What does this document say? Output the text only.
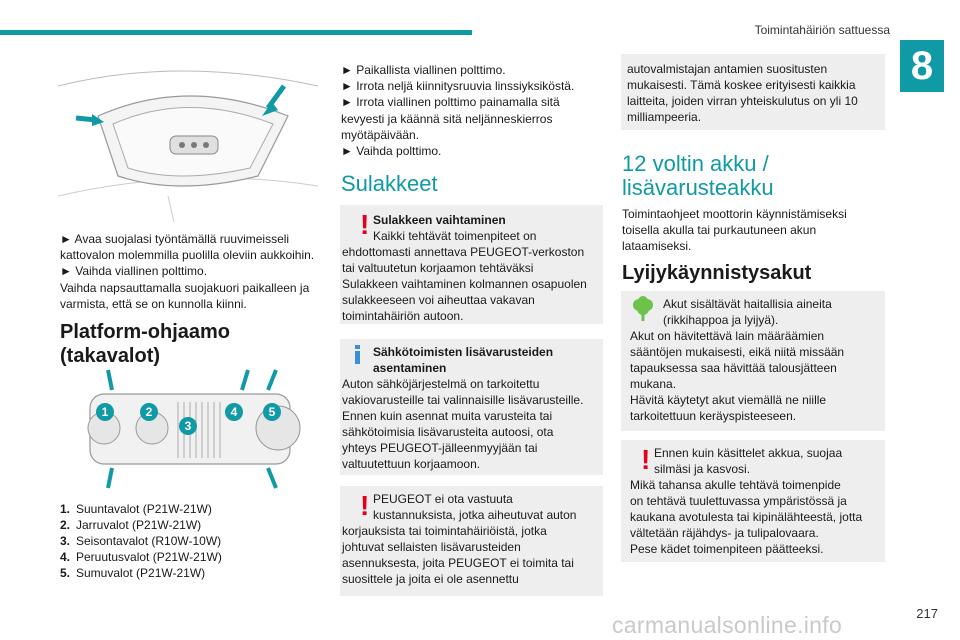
Toimintahäiriön sattuessa
8

► Avaa suojalasi työntämällä ruuvimeisseli

kattovalon molemmilla puolilla oleviin aukkoihin.

► Vaihda viallinen polttimo.

Vaihda napsauttamalla suojakuori paikalleen ja

varmista, että se on kunnolla kiinni.

Platform-ohjaamo

(takavalot)

1	2
3
4	5
1. Suuntavalot (P21W-21W)
2. Jarruvalot (P21W-21W)
3. Seisontavalot (R10W-10W)
4. Peruutusvalot (P21W-21W)
5. Sumuvalot (P21W-21W)

► Paikallista viallinen polttimo.

► Irrota neljä kiinnitysruuvia linssiyksiköstä.

► Irrota viallinen polttimo painamalla sitä

kevyesti ja käännä sitä neljänneskierros

myötäpäivään.

► Vaihda polttimo.

Sulakkeet

! Sulakkeen vaihtaminen
Kaikki tehtävät toimenpiteet on
ehdottomasti annettava PEUGEOT-verkoston
tai valtuutetun korjaamon tehtäväksi
Sulakkeen vaihtaminen kolmannen osapuolen
sulakkeeseen voi aiheuttaa vakavan
toimintahäiriön autoon.
Sähkötoimisten lisävarusteiden
asentaminen
Auton sähköjärjestelmä on tarkoitettu
vakiovarusteille tai valinnaisille lisävarusteille.
Ennen kuin asennat muita varusteita tai
sähkötoimisia lisävarusteita autoosi, ota
yhteys PEUGEOT-jälleenmyyjään tai
valtuutettuun korjaamoon.
! PEUGEOT ei ota vastuuta
kustannuksista, jotka aiheutuvat auton
korjauksista tai toimintahäiriöistä, jotka
johtuvat sellaisten lisävarusteiden
asennuksesta, joita PEUGEOT ei toimita tai
suosittele ja joita ei ole asennettu
autovalmistajan antamien suositusten
mukaisesti. Tämä koskee erityisesti kaikkia
laitteita, joiden virran yhteiskulutus on yli 10
milliampeeria.

12 voltin akku /

lisävarusteakku

Toimintaohjeet moottorin käynnistämiseksi

toisella akulla tai purkautuneen akun

lataamiseksi.

Lyijykäynnistysakut

Akut sisältävät haitallisia aineita
(rikkihappoa ja lyijyä).
Akut on hävitettävä lain määräämien
sääntöjen mukaisesti, eikä niitä missään
tapauksessa saa hävittää talousjätteen
mukana.
Hävitä käytetyt akut viemällä ne niille
tarkoitettuun keräyspisteeseen.
! Ennen kuin käsittelet akkua, suojaa
silmäsi ja kasvosi.
Mikä tahansa akulle tehtävä toimenpide
on tehtävä tuulettuvassa ympäristössä ja
kaukana avotulesta tai kipinälähteestä, jotta
vältetään räjähdys- ja tulipalovaara.
Pese kädet toimenpiteen päätteeksi.
217
carmanualsonline.info
